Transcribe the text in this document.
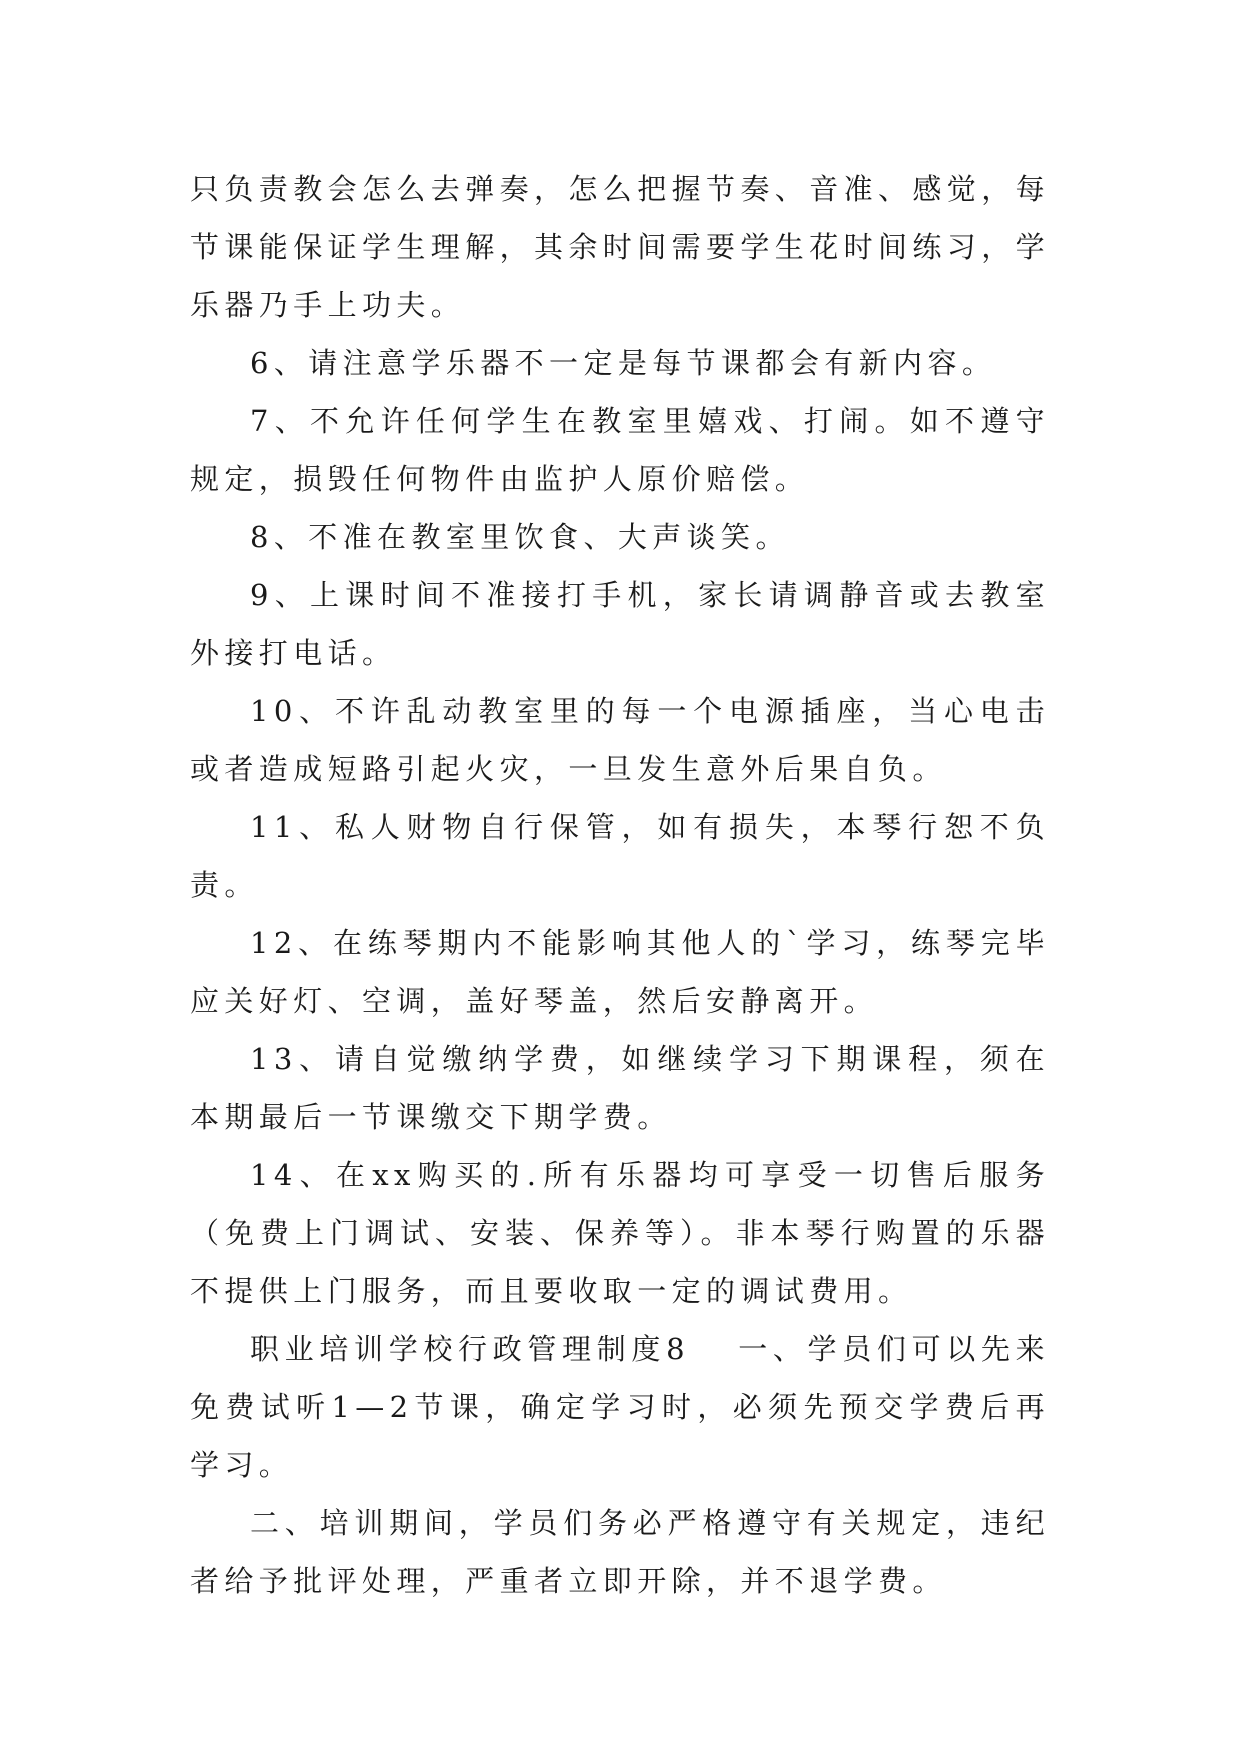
只负责教会怎么去弹奏，怎么把握节奏、音准、感觉，每节课能保证学生理解，其余时间需要学生花时间练习，学乐器乃手上功夫。

6、请注意学乐器不一定是每节课都会有新内容。

7、不允许任何学生在教室里嬉戏、打闹。如不遵守规定，损毁任何物件由监护人原价赔偿。

8、不准在教室里饮食、大声谈笑。

9、上课时间不准接打手机，家长请调静音或去教室外接打电话。

10、不许乱动教室里的每一个电源插座，当心电击或者造成短路引起火灾，一旦发生意外后果自负。

11、私人财物自行保管，如有损失，本琴行恕不负责。

12、在练琴期内不能影响其他人的`学习，练琴完毕应关好灯、空调，盖好琴盖，然后安静离开。

13、请自觉缴纳学费，如继续学习下期课程，须在本期最后一节课缴交下期学费。

14、在xx购买的.所有乐器均可享受一切售后服务（免费上门调试、安装、保养等）。非本琴行购置的乐器不提供上门服务，而且要收取一定的调试费用。

职业培训学校行政管理制度8 一、学员们可以先来免费试听1—2节课，确定学习时，必须先预交学费后再学习。

二、培训期间，学员们务必严格遵守有关规定，违纪者给予批评处理，严重者立即开除，并不退学费。
